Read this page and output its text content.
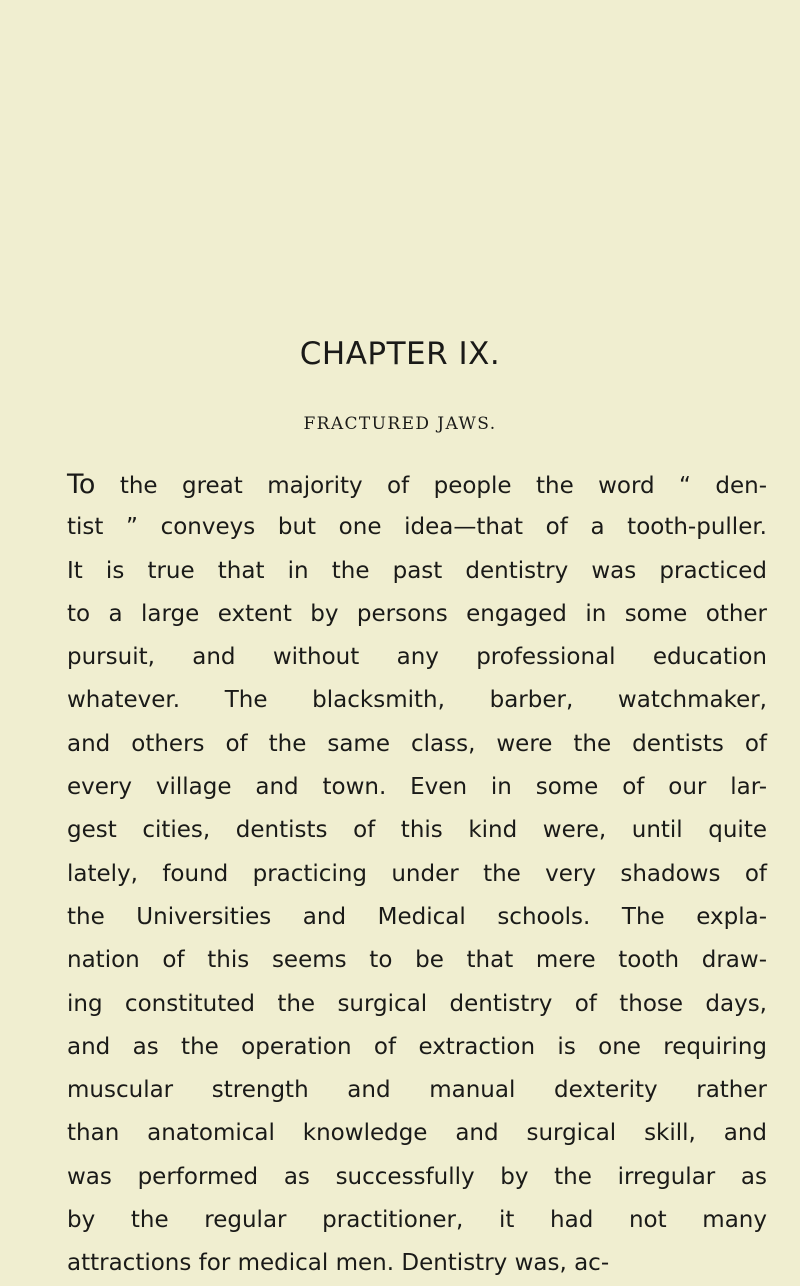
CHAPTER IX.
FRACTURED JAWS.
To the great majority of people the word “ den-
tist ” conveys but one idea—that of a tooth-puller.
It is true that in the past dentistry was practiced
to a large extent by persons engaged in some other
pursuit, and without any professional education
whatever. The blacksmith, barber, watchmaker,
and others of the same class, were the dentists of
every village and town. Even in some of our lar-
gest cities, dentists of this kind were, until quite
lately, found practicing under the very shadows of
the Universities and Medical schools. The expla-
nation of this seems to be that mere tooth draw-
ing constituted the surgical dentistry of those days,
and as the operation of extraction is one requiring
muscular strength and manual dexterity rather
than anatomical knowledge and surgical skill, and
was performed as successfully by the irregular as
by the regular practitioner, it had not many
attractions for medical men. Dentistry was, ac-
